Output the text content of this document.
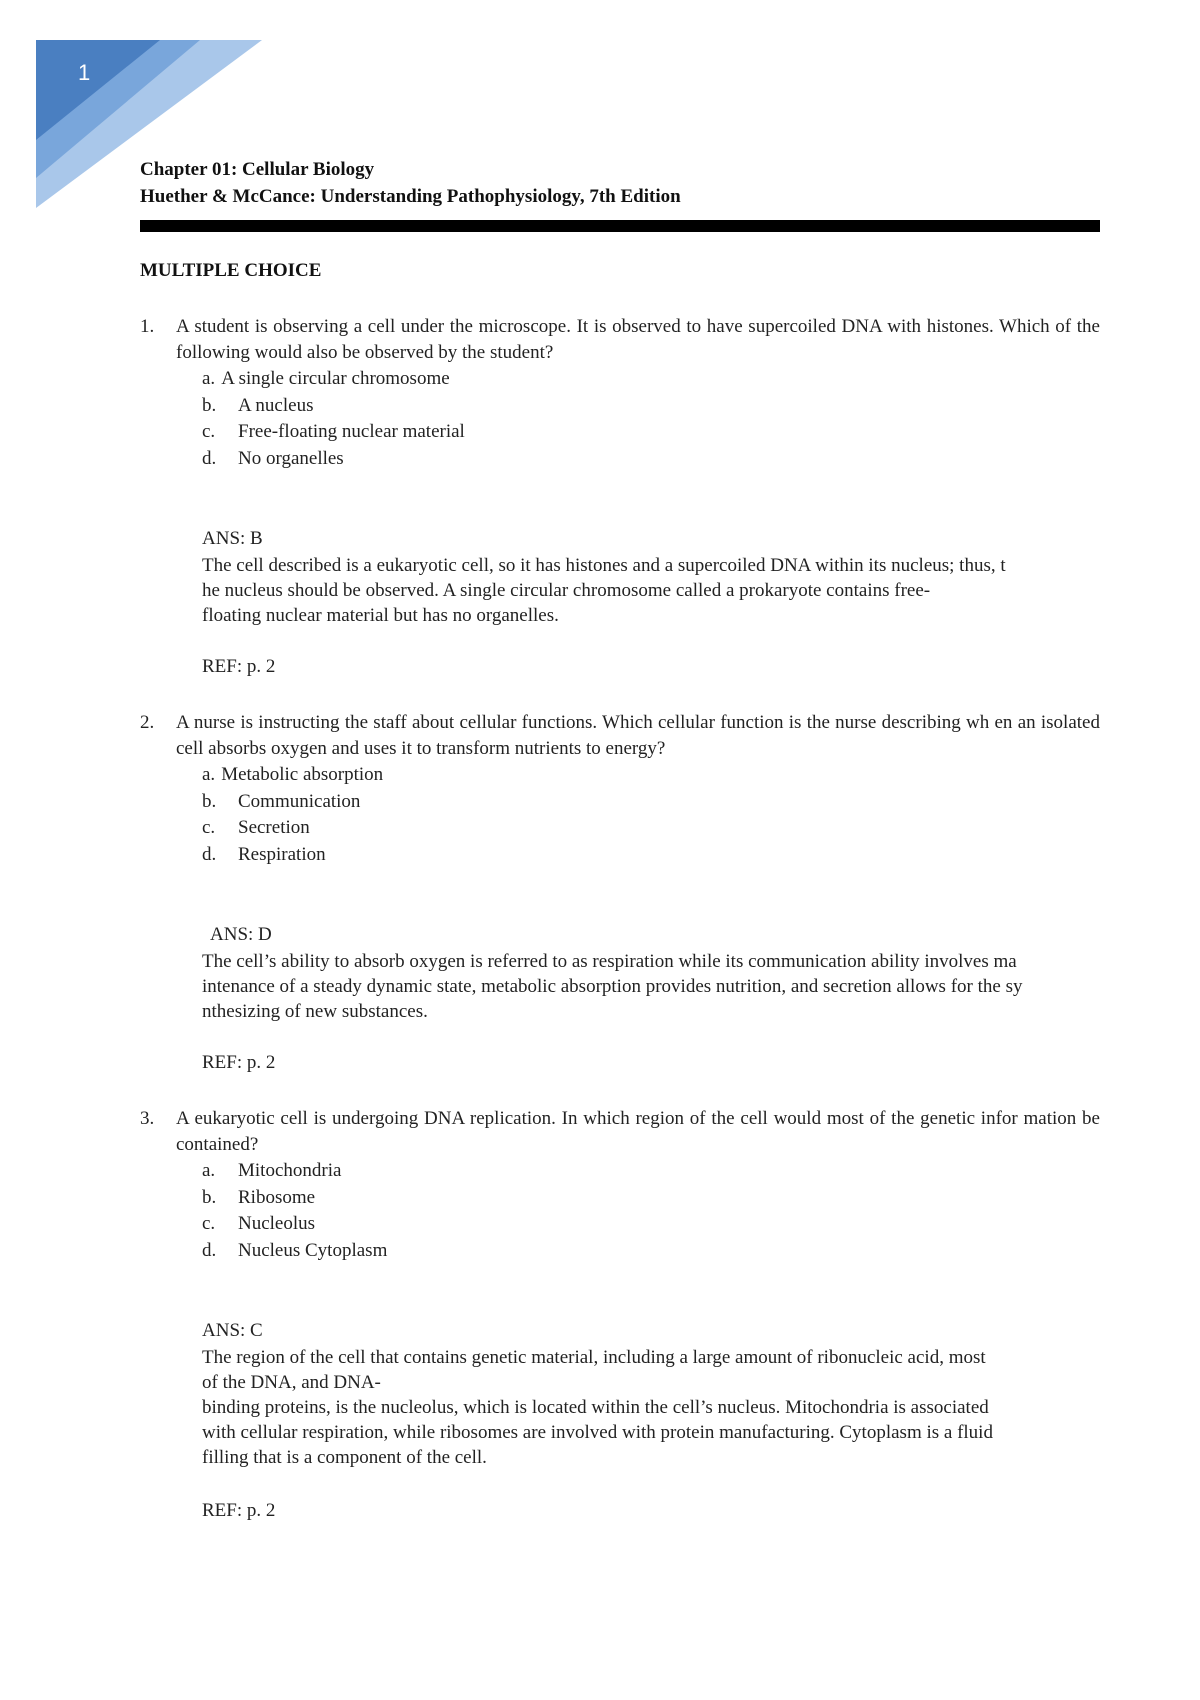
1
Chapter 01: Cellular Biology
Huether & McCance: Understanding Pathophysiology, 7th Edition
MULTIPLE CHOICE
1.	A student is observing a cell under the microscope. It is observed to have supercoiled DNA with histones. Which of the following would also be observed by the student?
a. A single circular chromosome
b.	A nucleus
c.	Free-floating nuclear material
d.	No organelles
ANS: B
The cell described is a eukaryotic cell, so it has histones and a supercoiled DNA within its nucleus; thus, t
he nucleus should be observed. A single circular chromosome called a prokaryote contains free-
floating nuclear material but has no organelles.
REF: p. 2
2.	A nurse is instructing the staff about cellular functions. Which cellular function is the nurse describing wh en an isolated cell absorbs oxygen and uses it to transform nutrients to energy?
a. Metabolic absorption
b.	Communication
c.	Secretion
d.	Respiration
ANS: D
The cell’s ability to absorb oxygen is referred to as respiration while its communication ability involves ma
intenance of a steady dynamic state, metabolic absorption provides nutrition, and secretion allows for the sy
nthesizing of new substances.
REF: p. 2
3.	A eukaryotic cell is undergoing DNA replication. In which region of the cell would most of the genetic infor mation be contained?
a.	Mitochondria
b.	Ribosome
c.	Nucleolus
d.	Nucleus Cytoplasm
ANS: C
The region of the cell that contains genetic material, including a large amount of ribonucleic acid, most
of the DNA, and DNA-
binding proteins, is the nucleolus, which is located within the cell’s nucleus. Mitochondria is associated
with cellular respiration, while ribosomes are involved with protein manufacturing. Cytoplasm is a fluid
filling that is a component of the cell.
REF: p. 2
